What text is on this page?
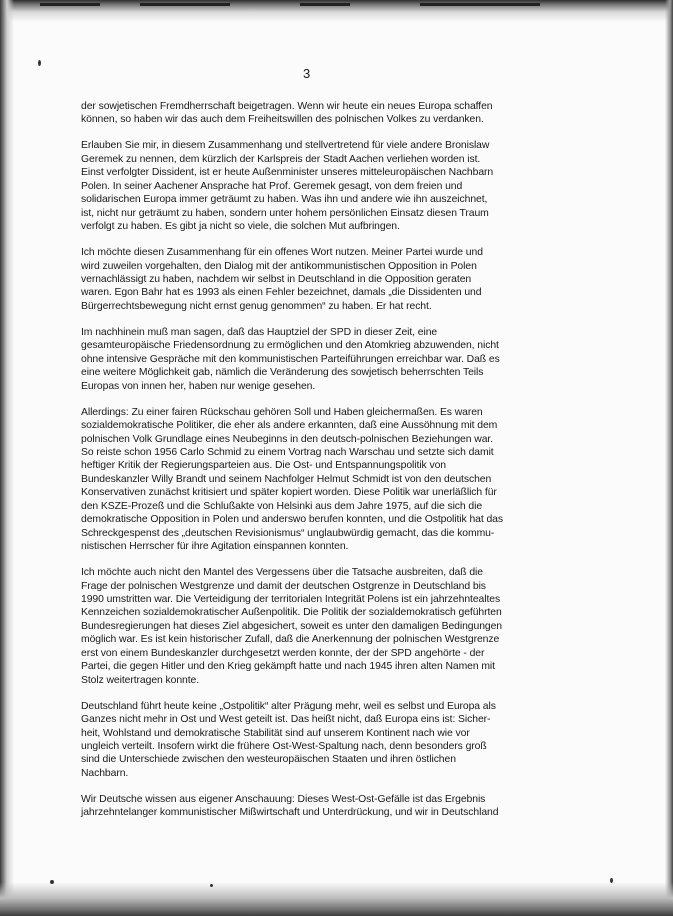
3
der sowjetischen Fremdherrschaft beigetragen. Wenn wir heute ein neues Europa schaffen
können, so haben wir das auch dem Freiheitswillen des polnischen Volkes zu verdanken.
Erlauben Sie mir, in diesem Zusammenhang und stellvertretend für viele andere Bronislaw
Geremek zu nennen, dem kürzlich der Karlspreis der Stadt Aachen verliehen worden ist.
Einst verfolgter Dissident, ist er heute Außenminister unseres mitteleuropäischen Nachbarn
Polen. In seiner Aachener Ansprache hat Prof. Geremek gesagt, von dem freien und
solidarischen Europa immer geträumt zu haben. Was ihn und andere wie ihn auszeichnet,
ist, nicht nur geträumt zu haben, sondern unter hohem persönlichen Einsatz diesen Traum
verfolgt zu haben. Es gibt ja nicht so viele, die solchen Mut aufbringen.
Ich möchte diesen Zusammenhang für ein offenes Wort nutzen. Meiner Partei wurde und
wird zuweilen vorgehalten, den Dialog mit der antikommunistischen Opposition in Polen
vernachlässigt zu haben, nachdem wir selbst in Deutschland in die Opposition geraten
waren. Egon Bahr hat es 1993 als einen Fehler bezeichnet, damals „die Dissidenten und
Bürgerrechtsbewegung nicht ernst genug genommen“ zu haben. Er hat recht.
Im nachhinein muß man sagen, daß das Hauptziel der SPD in dieser Zeit, eine
gesamteuropäische Friedensordnung zu ermöglichen und den Atomkrieg abzuwenden, nicht
ohne intensive Gespräche mit den kommunistischen Parteiführungen erreichbar war. Daß es
eine weitere Möglichkeit gab, nämlich die Veränderung des sowjetisch beherrschten Teils
Europas von innen her, haben nur wenige gesehen.
Allerdings: Zu einer fairen Rückschau gehören Soll und Haben gleichermaßen. Es waren
sozialdemokratische Politiker, die eher als andere erkannten, daß eine Aussöhnung mit dem
polnischen Volk Grundlage eines Neubeginns in den deutsch-polnischen Beziehungen war.
So reiste schon 1956 Carlo Schmid zu einem Vortrag nach Warschau und setzte sich damit
heftiger Kritik der Regierungsparteien aus. Die Ost- und Entspannungspolitik von
Bundeskanzler Willy Brandt und seinem Nachfolger Helmut Schmidt ist von den deutschen
Konservativen zunächst kritisiert und später kopiert worden. Diese Politik war unerläßlich für
den KSZE-Prozeß und die Schlußakte von Helsinki aus dem Jahre 1975, auf die sich die
demokratische Opposition in Polen und anderswo berufen konnten, und die Ostpolitik hat das
Schreckgespenst des „deutschen Revisionismus“ unglaubwürdig gemacht, das die kommu-
nistischen Herrscher für ihre Agitation einspannen konnten.
Ich möchte auch nicht den Mantel des Vergessens über die Tatsache ausbreiten, daß die
Frage der polnischen Westgrenze und damit der deutschen Ostgrenze in Deutschland bis
1990 umstritten war. Die Verteidigung der territorialen Integrität Polens ist ein jahrzehntealtes
Kennzeichen sozialdemokratischer Außenpolitik. Die Politik der sozialdemokratisch geführten
Bundesregierungen hat dieses Ziel abgesichert, soweit es unter den damaligen Bedingungen
möglich war. Es ist kein historischer Zufall, daß die Anerkennung der polnischen Westgrenze
erst von einem Bundeskanzler durchgesetzt werden konnte, der der SPD angehörte - der
Partei, die gegen Hitler und den Krieg gekämpft hatte und nach 1945 ihren alten Namen mit
Stolz weitertragen konnte.
Deutschland führt heute keine „Ostpolitik“ alter Prägung mehr, weil es selbst und Europa als
Ganzes nicht mehr in Ost und West geteilt ist. Das heißt nicht, daß Europa eins ist: Sicher-
heit, Wohlstand und demokratische Stabilität sind auf unserem Kontinent nach wie vor
ungleich verteilt. Insofern wirkt die frühere Ost-West-Spaltung nach, denn besonders groß
sind die Unterschiede zwischen den westeuropäischen Staaten und ihren östlichen
Nachbarn.
Wir Deutsche wissen aus eigener Anschauung: Dieses West-Ost-Gefälle ist das Ergebnis
jahrzehntelanger kommunistischer Mißwirtschaft und Unterdrückung, und wir in Deutschland
